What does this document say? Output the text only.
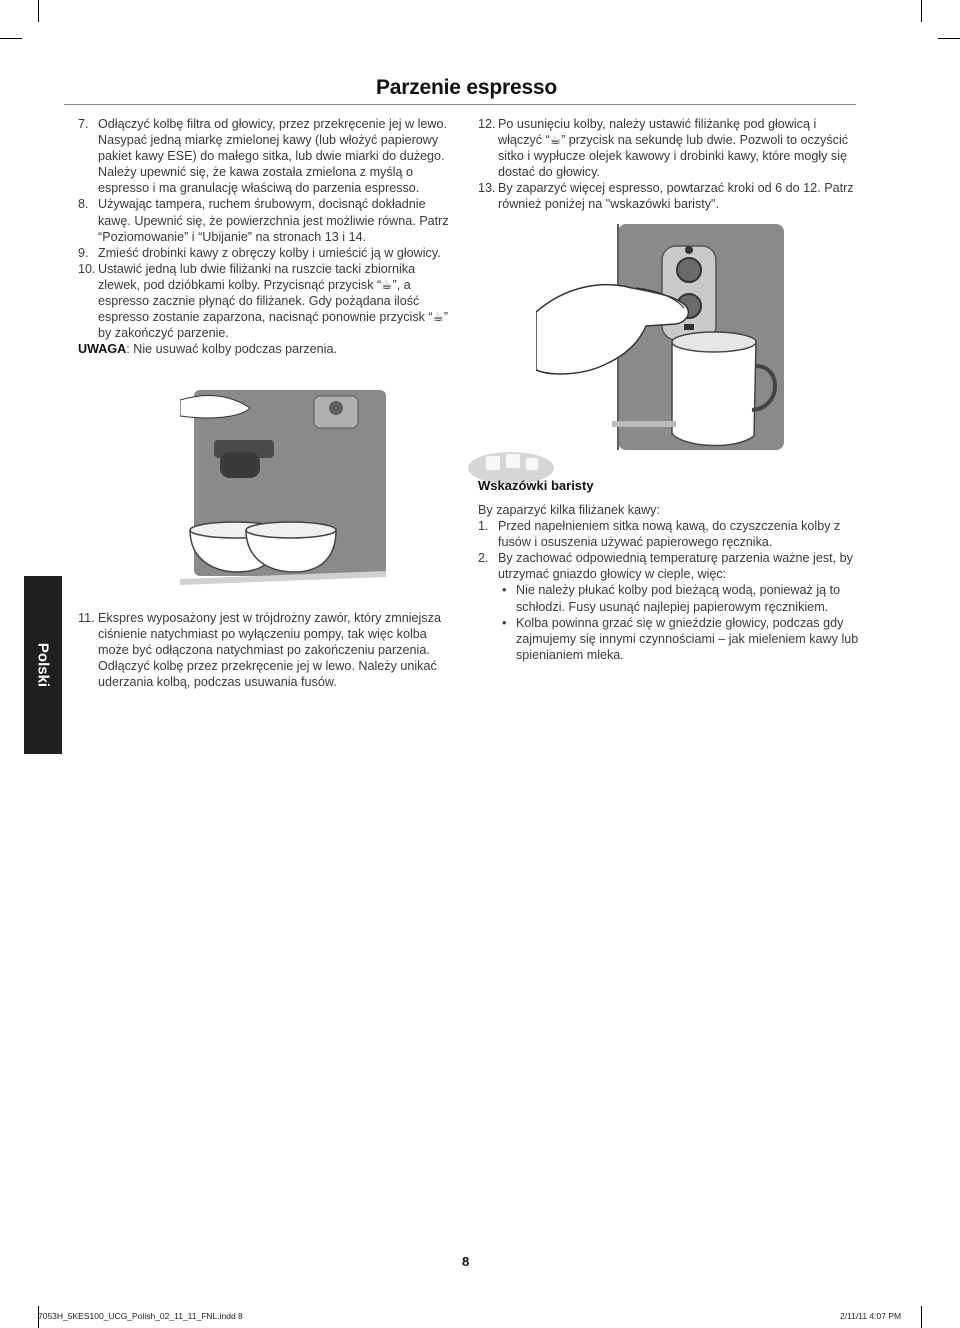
Parzenie espresso

7. Odłączyć kolbę filtra od głowicy, przez przekręcenie jej w lewo. Nasypać jedną miarkę zmielonej kawy (lub włożyć papierowy pakiet kawy ESE) do małego sitka, lub dwie miarki do dużego. Należy upewnić się, że kawa została zmielona z myślą o espresso i ma granulację właściwą do parzenia espresso.

8. Używając tampera, ruchem śrubowym, docisnąć dokładnie kawę. Upewnić się, że powierzchnia jest możliwie równa. Patrz “Poziomowanie” i “Ubijanie” na stronach 13 i 14.

9. Zmieść drobinki kawy z obręczy kolby i umieścić ją w głowicy.

10. Ustawić jedną lub dwie filiżanki na ruszcie tacki zbiornika zlewek, pod dzióbkami kolby. Przycisnąć przycisk “☕”, a espresso zacznie płynąć do filiżanek. Gdy pożądana ilość espresso zostanie zaparzona, nacisnąć ponownie przycisk “☕” by zakończyć parzenie.

UWAGA: Nie usuwać kolby podczas parzenia.

12. Po usunięciu kolby, należy ustawić filiżankę pod głowicą i włączyć “☕” przycisk na sekundę lub dwie. Pozwoli to oczyścić sitko i wypłucze olejek kawowy i drobinki kawy, które mogły się dostać do głowicy.

13. By zaparzyć więcej espresso, powtarzać kroki od 6 do 12. Patrz również poniżej na "wskazówki baristy".

Wskazówki baristy

By zaparzyć kilka filiżanek kawy:

1. Przed napełnieniem sitka nową kawą, do czyszczenia kolby z fusów i osuszenia używać papierowego ręcznika.

2. By zachować odpowiednią temperaturę parzenia ważne jest, by utrzymać gniazdo głowicy w cieple, więc:

• Nie należy płukać kolby pod bieżącą wodą, ponieważ ją to schłodzi. Fusy usunąć najlepiej papierowym ręcznikiem.
• Kolba powinna grzać się w gnieździe głowicy, podczas gdy zajmujemy się innymi czynnościami – jak mieleniem kawy lub spienianiem mleka.

11. Ekspres wyposażony jest w trójdrożny zawór, który zmniejsza ciśnienie natychmiast po wyłączeniu pompy, tak więc kolba może być odłączona natychmiast po zakończeniu parzenia. Odłączyć kolbę przez przekręcenie jej w lewo. Należy unikać uderzania kolbą, podczas usuwania fusów.

Polski
8
7053H_5KES100_UCG_Polish_02_11_11_FNL.indd 8	2/11/11 4:07 PM
